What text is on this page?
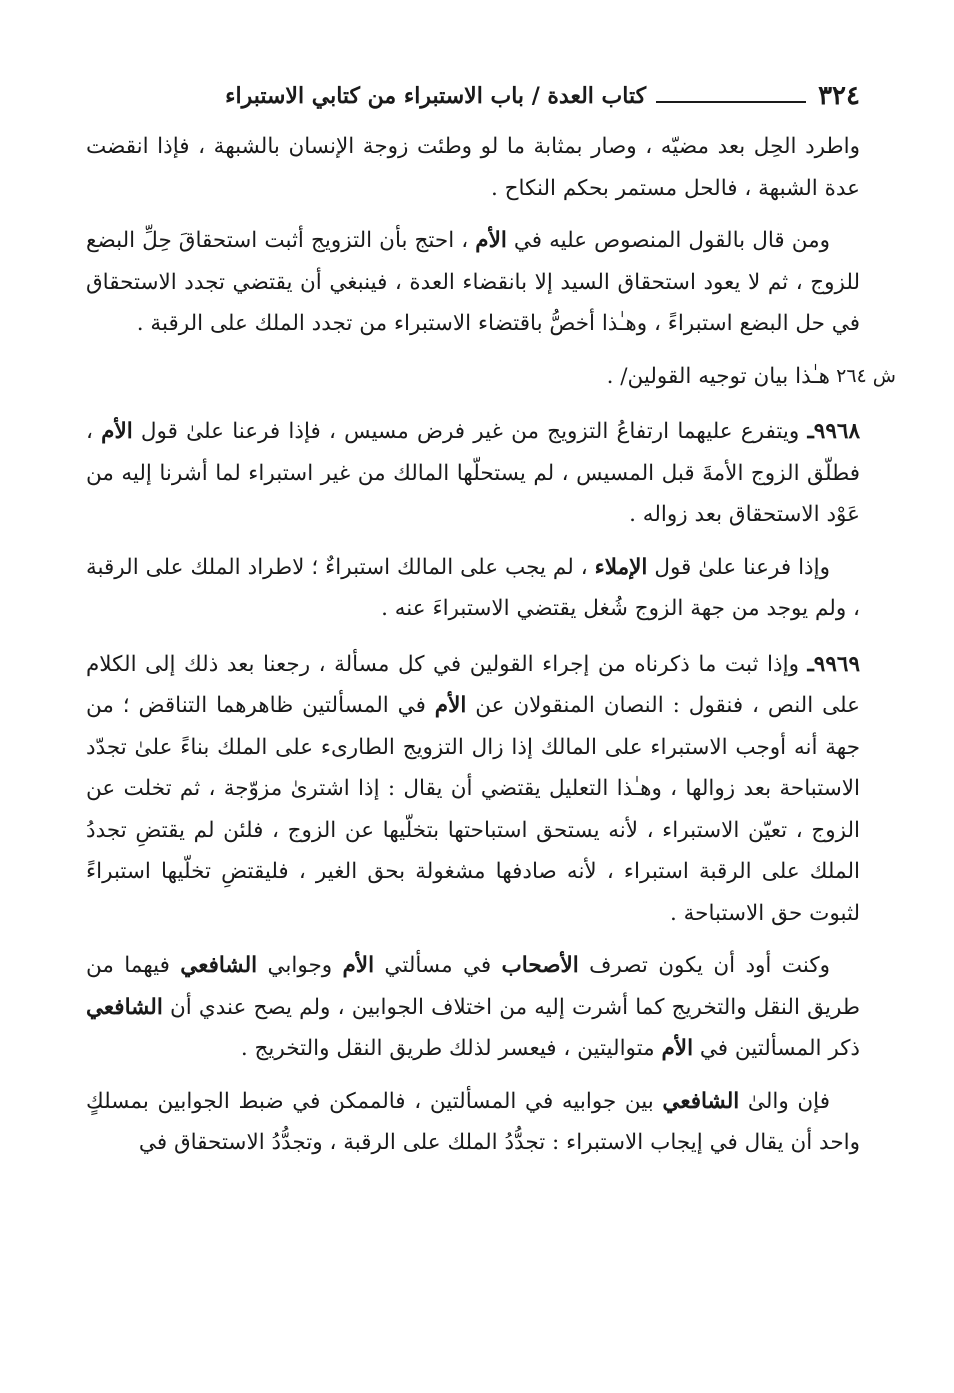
٣٢٤
كتاب العدة / باب الاستبراء من كتابي الاستبراء

واطرد الحِل بعد مضيّه ، وصار بمثابة ما لو وطئت زوجة الإنسان بالشبهة ، فإذا انقضت عدة الشبهة ، فالحل مستمر بحكم النكاح .

ومن قال بالقول المنصوص عليه في الأم ، احتج بأن التزويج أثبت استحقاقَ حِلِّ البضع للزوج ، ثم لا يعود استحقاق السيد إلا بانقضاء العدة ، فينبغي أن يقتضي تجدد الاستحقاق في حل البضع استبراءً ، وهـٰذا أخصُّ باقتضاء الاستبراء من تجدد الملك على الرقبة .

ش ٢٦٤
هـٰذا بيان توجيه القولين/ .

٩٩٦٨ـ ويتفرع عليهما ارتفاعُ التزويج من غير فرض مسيس ، فإذا فرعنا علىٰ قول الأم ، فطلّق الزوج الأمةَ قبل المسيس ، لم يستحلّها المالك من غير استبراء لما أشرنا إليه من عَوْد الاستحقاق بعد زواله .

وإذا فرعنا علىٰ قول الإملاء ، لم يجب على المالك استبراءٌ ؛ لاطراد الملك على الرقبة ، ولم يوجد من جهة الزوج شُغل يقتضي الاستبراءَ عنه .

٩٩٦٩ـ وإذا ثبت ما ذكرناه من إجراء القولين في كل مسألة ، رجعنا بعد ذلك إلى الكلام على النص ، فنقول : النصان المنقولان عن الأم في المسألتين ظاهرهما التناقض ؛ من جهة أنه أوجب الاستبراء على المالك إذا زال التزويج الطارىء على الملك بناءً علىٰ تجدّد الاستباحة بعد زوالها ، وهـٰذا التعليل يقتضي أن يقال : إذا اشترىٰ مزوّجة ، ثم تخلت عن الزوج ، تعيّن الاستبراء ، لأنه يستحق استباحتها بتخلّيها عن الزوج ، فلئن لم يقتضِ تجددُ الملك على الرقبة استبراء ، لأنه صادفها مشغولة بحق الغير ، فليقتضِ تخلّيها استبراءً لثبوت حق الاستباحة .

وكنت أود أن يكون تصرف الأصحاب في مسألتي الأم وجوابي الشافعي فيهما من طريق النقل والتخريج كما أشرت إليه من اختلاف الجوابين ، ولم يصح عندي أن الشافعي ذكر المسألتين في الأم متواليتين ، فيعسر لذلك طريق النقل والتخريج .

فإن والىٰ الشافعي بين جوابيه في المسألتين ، فالممكن في ضبط الجوابين بمسلكٍ واحد أن يقال في إيجاب الاستبراء : تجدُّدُ الملك على الرقبة ، وتجدُّدُ الاستحقاق في
